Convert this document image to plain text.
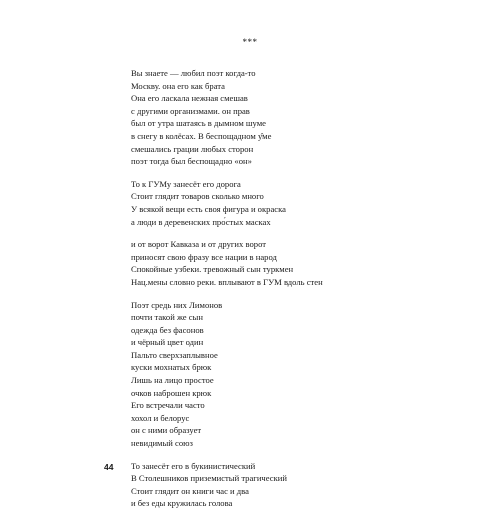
***
Вы знаете — любил поэт когда-то
Москву. она его как брата
Она его ласкала нежная смешав
с другими организмами. он прав
был от утра шатаясь в дымном шуме
в снегу в колёсах. В беспощадном у̂ме
смешались грации любых сторон
поэт тогда был беспощадно «он»
То к ГУМу занесёт его дорога
Стоит глядит товаров сколько много
У всякой вещи есть своя фигура и окраска
а люди в деревенских про́стых масках
и от ворот Кавказа и от других ворот
приносят свою фразу все нации в народ
Спокойные узбеки. тревожный сын туркмен
Нац.мены словно реки. вплывают в ГУМ вдоль стен
Поэт средь них Лимонов
почти такой же сын
одежда без фасонов
и чёрный цвет один
Пальто сверхзаплывное
куски мохнатых брюк
Лишь на лицо простое
очков наброшен крюк
Его встречали часто
хохол и белорус
он с ними образует
невидимый союз
То занесёт его в букинистический
В Столешников приземистый трагический
Стоит глядит он книги час и два
и без еды кружилась голова
44
